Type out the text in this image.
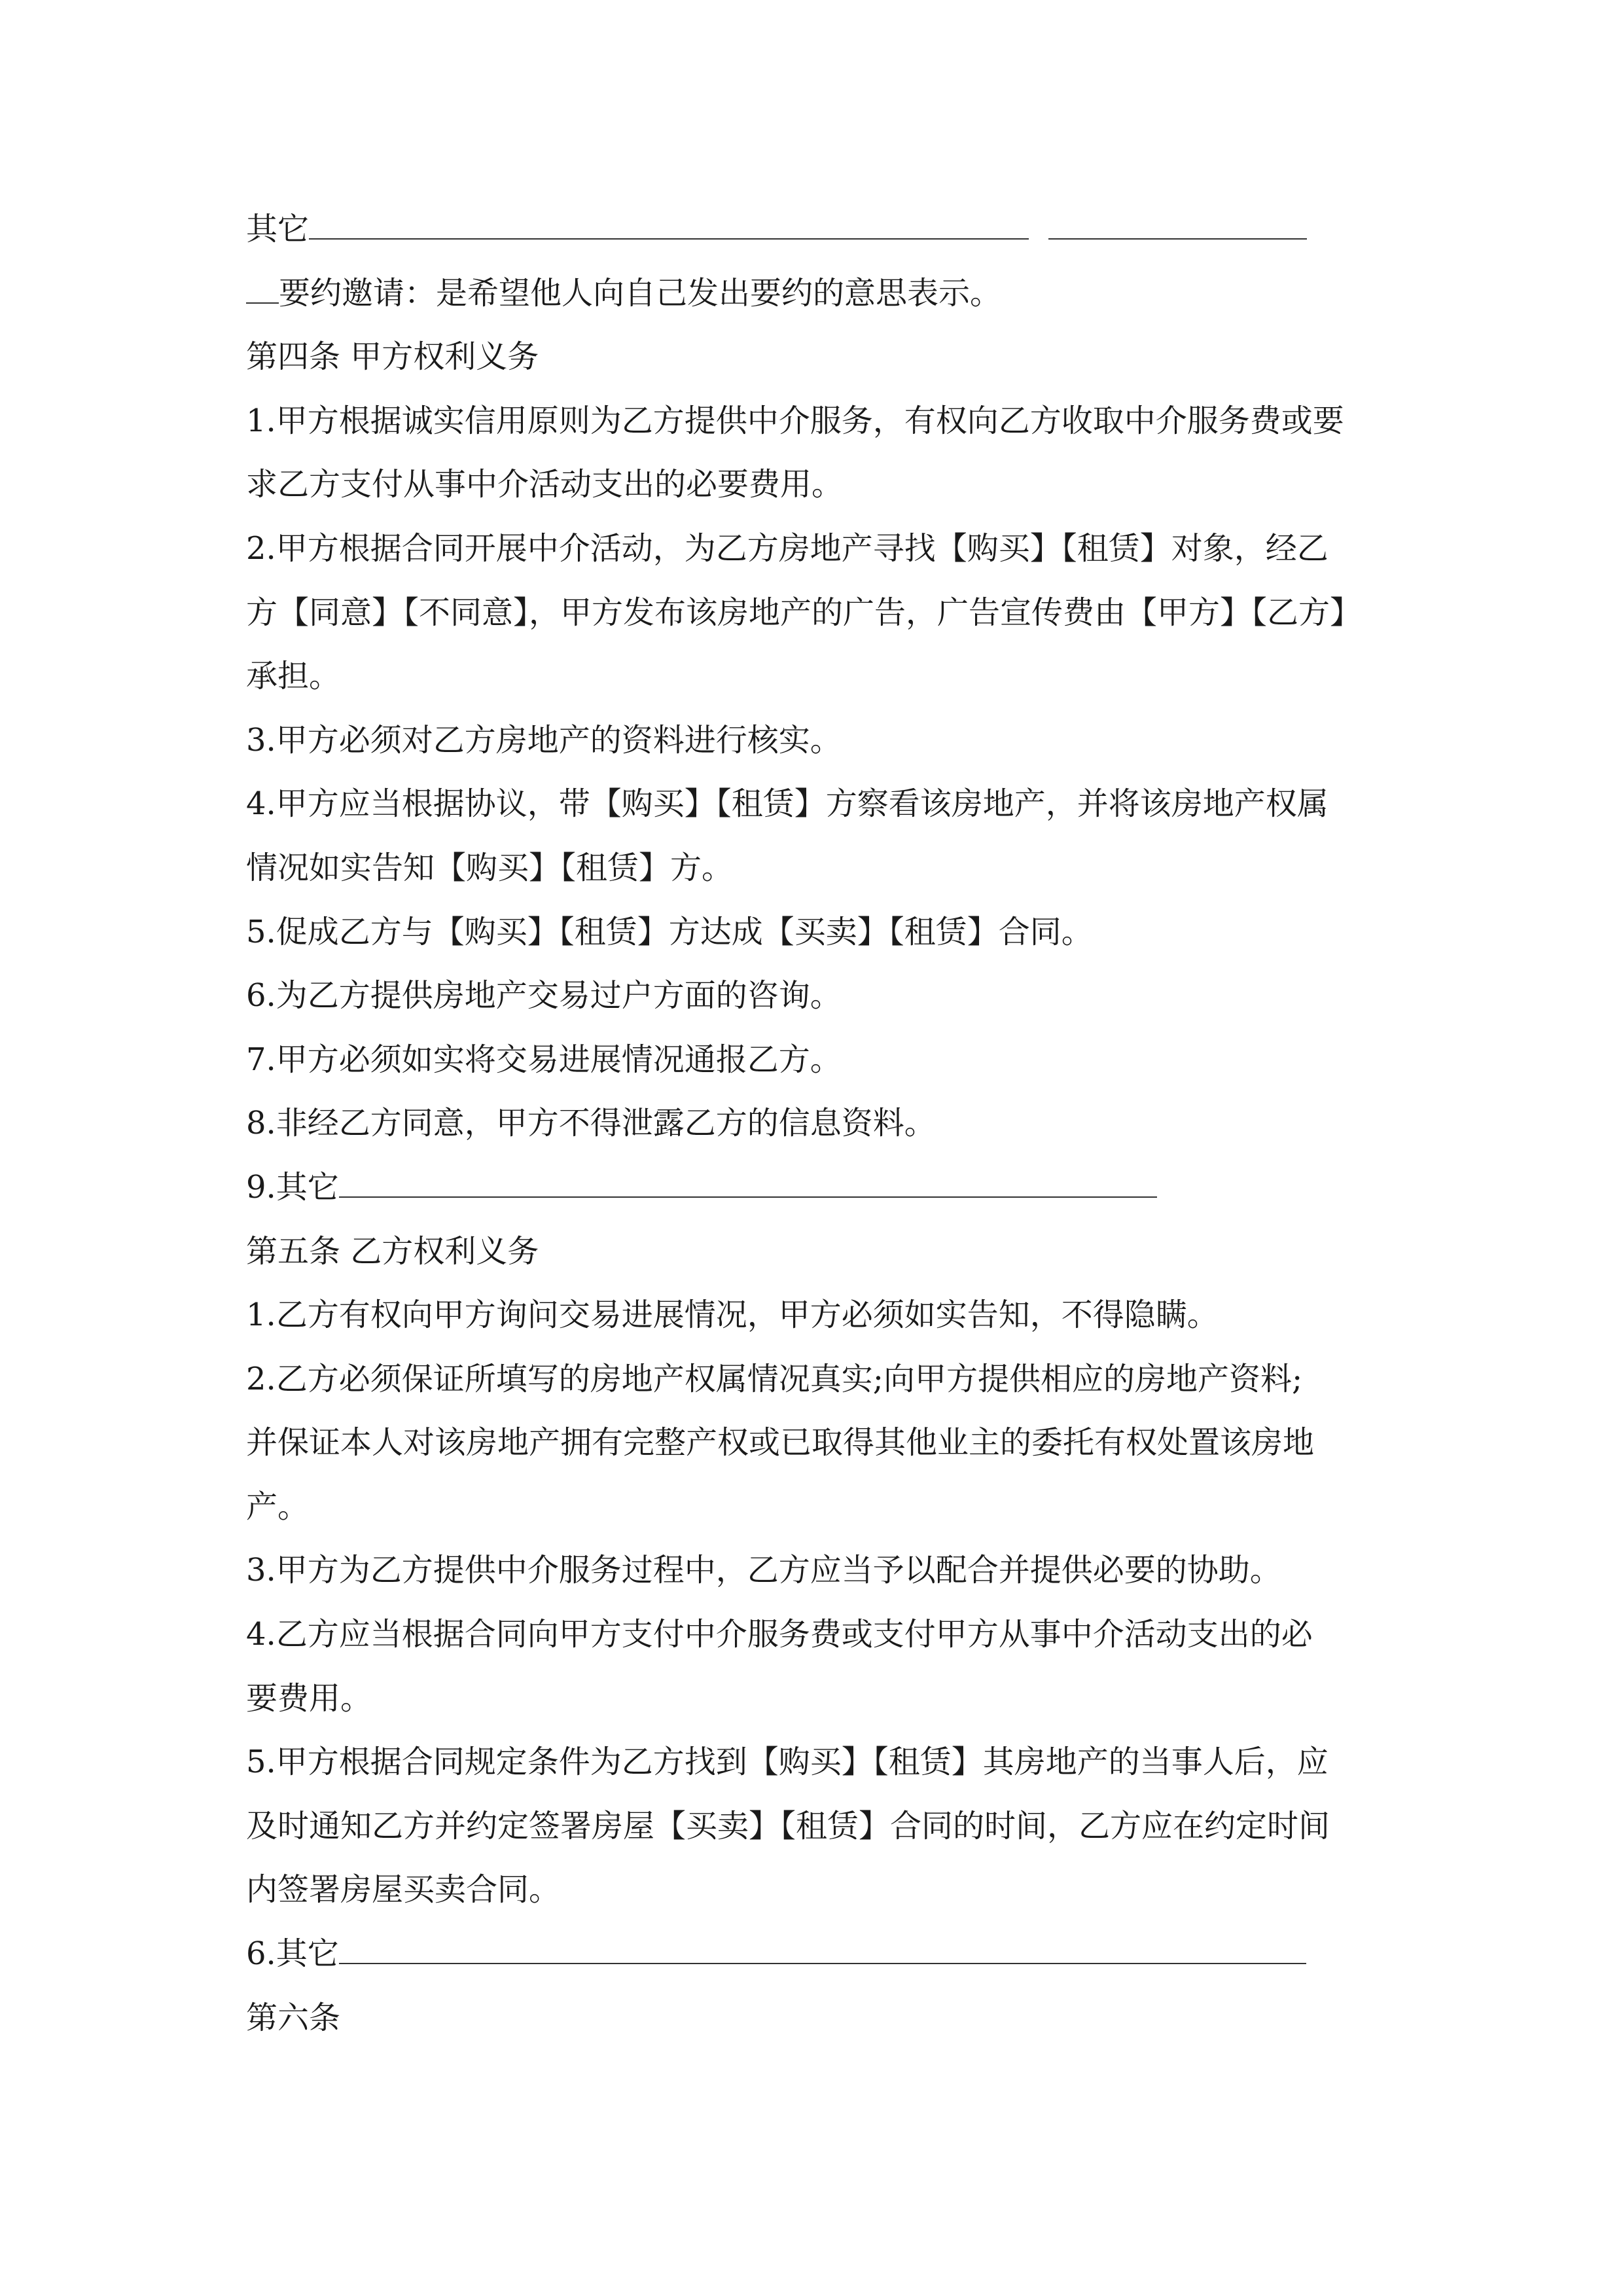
其它
要约邀请：是希望他人向自己发出要约的意思表示。
第四条 甲方权利义务
1.甲方根据诚实信用原则为乙方提供中介服务，有权向乙方收取中介服务费或要
求乙方支付从事中介活动支出的必要费用。
2.甲方根据合同开展中介活动，为乙方房地产寻找【购买】【租赁】对象，经乙
方【同意】【不同意】，甲方发布该房地产的广告，广告宣传费由【甲方】【乙方】
承担。
3.甲方必须对乙方房地产的资料进行核实。
4.甲方应当根据协议，带【购买】【租赁】方察看该房地产，并将该房地产权属
情况如实告知【购买】【租赁】方。
5.促成乙方与【购买】【租赁】方达成【买卖】【租赁】合同。
6.为乙方提供房地产交易过户方面的咨询。
7.甲方必须如实将交易进展情况通报乙方。
8.非经乙方同意，甲方不得泄露乙方的信息资料。
9.其它
第五条 乙方权利义务
1.乙方有权向甲方询问交易进展情况，甲方必须如实告知，不得隐瞒。
2.乙方必须保证所填写的房地产权属情况真实;向甲方提供相应的房地产资料;
并保证本人对该房地产拥有完整产权或已取得其他业主的委托有权处置该房地
产。
3.甲方为乙方提供中介服务过程中，乙方应当予以配合并提供必要的协助。
4.乙方应当根据合同向甲方支付中介服务费或支付甲方从事中介活动支出的必
要费用。
5.甲方根据合同规定条件为乙方找到【购买】【租赁】其房地产的当事人后，应
及时通知乙方并约定签署房屋【买卖】【租赁】合同的时间，乙方应在约定时间
内签署房屋买卖合同。
6.其它
第六条
